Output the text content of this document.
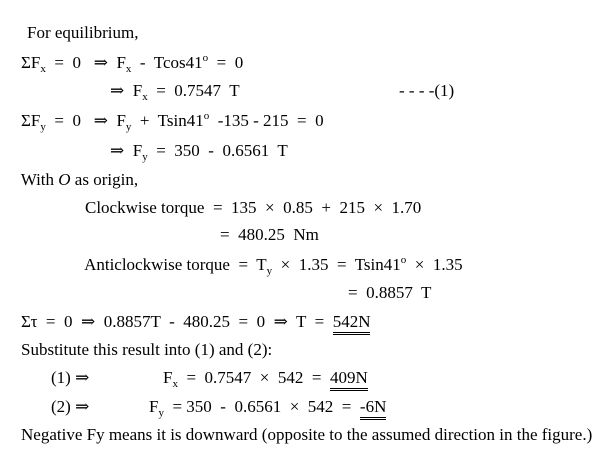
For equilibrium,

$\Sigma F_x = 0$   ⇒  $F_x - Tcos41^o = 0$

⇒  $F_x = 0.7547$  T
	- - - -(1)

$\Sigma F_y = 0$   ⇒  $F_y + Tsin41^o$  -135 - 215  =  0

⇒  $F_y = 350 - 0.6561$  T

With O as origin,

Clockwise torque  =  135  ×  0.85  +  215  ×  1.70

=  480.25  Nm

Anticlockwise torque  =  $T_y \times 1.35 = Tsin41^o \times 1.35$

=  0.8857  T

Στ  =  0  ⇒  0.8857T  -  480.25  =  0  ⇒  T  =  542N

Substitute this result into (1) and (2):

(1) ⇒
	$F_x = 0.7547 \times 542 = 409N$

(2) ⇒
	$F_y = 350 - 0.6561 \times 542 = -6N$

Negative Fy means it is downward (opposite to the assumed direction in the figure.)
